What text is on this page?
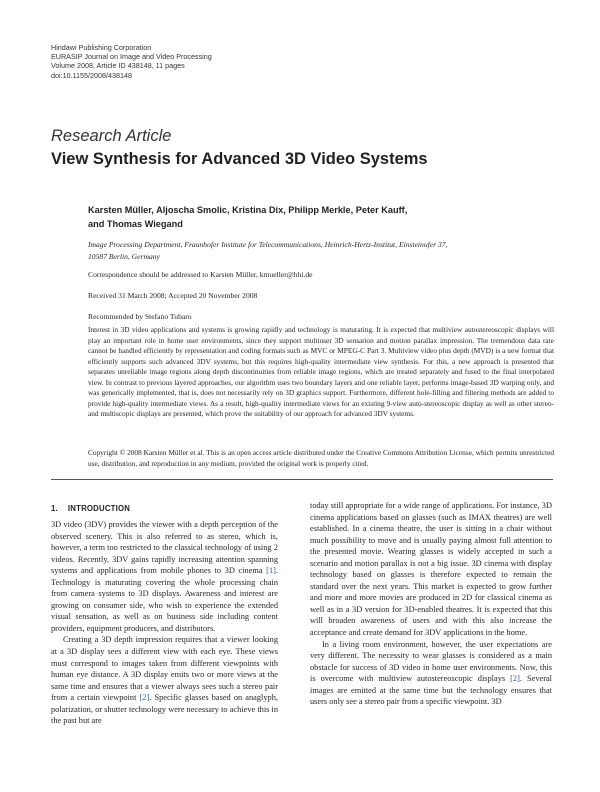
Hindawi Publishing Corporation
EURASIP Journal on Image and Video Processing
Volume 2008, Article ID 438148, 11 pages
doi:10.1155/2008/438148
Research Article
View Synthesis for Advanced 3D Video Systems
Karsten Müller, Aljoscha Smolic, Kristina Dix, Philipp Merkle, Peter Kauff,
and Thomas Wiegand
Image Processing Department, Fraunhofer Institute for Telecommunications, Heinrich-Hertz-Institut, Einsteinufer 37,
10587 Berlin, Germany
Correspondence should be addressed to Karsten Müller, kmueller@hhi.de
Received 31 March 2008; Accepted 20 November 2008
Recommended by Stefano Tubaro
Interest in 3D video applications and systems is growing rapidly and technology is maturating. It is expected that multiview autostereoscopic displays will play an important role in home user environments, since they support multiuser 3D sensation and motion parallax impression. The tremendous data rate cannot be handled efficiently by representation and coding formats such as MVC or MPEG-C Part 3. Multiview video plus depth (MVD) is a new format that efficiently supports such advanced 3DV systems, but this requires high-quality intermediate view synthesis. For this, a new approach is presented that separates unreliable image regions along depth discontinuities from reliable image regions, which are treated separately and fused to the final interpolated view. In contrast to previous layered approaches, our algorithm uses two boundary layers and one reliable layer, performs image-based 3D warping only, and was generically implemented, that is, does not necessarily rely on 3D graphics support. Furthermore, different hole-filling and filtering methods are added to provide high-quality intermediate views. As a result, high-quality intermediate views for an existing 9-view auto-stereoscopic display as well as other stereo- and multiscopic displays are presented, which prove the suitability of our approach for advanced 3DV systems.
Copyright © 2008 Karsten Müller et al. This is an open access article distributed under the Creative Commons Attribution License, which permits unrestricted use, distribution, and reproduction in any medium, provided the original work is properly cited.
1. INTRODUCTION

3D video (3DV) provides the viewer with a depth perception of the observed scenery. This is also referred to as stereo, which is, however, a term too restricted to the classical technology of using 2 videos. Recently, 3DV gains rapidly increasing attention spanning systems and applications from mobile phones to 3D cinema [1]. Technology is maturating covering the whole processing chain from camera systems to 3D displays. Awareness and interest are growing on consumer side, who wish to experience the extended visual sensation, as well as on business side including content providers, equipment producers, and distributors.

Creating a 3D depth impression requires that a viewer looking at a 3D display sees a different view with each eye. These views must correspond to images taken from different viewpoints with human eye distance. A 3D display emits two or more views at the same time and ensures that a viewer always sees such a stereo pair from a certain viewpoint [2]. Specific glasses based on anaglyph, polarization, or shutter technology were necessary to achieve this in the past but are

today still appropriate for a wide range of applications. For instance, 3D cinema applications based on glasses (such as IMAX theatres) are well established. In a cinema theatre, the user is sitting in a chair without much possibility to move and is usually paying almost full attention to the presented movie. Wearing glasses is widely accepted in such a scenario and motion parallax is not a big issue. 3D cinema with display technology based on glasses is therefore expected to remain the standard over the next years. This market is expected to grow further and more and more movies are produced in 2D for classical cinema as well as in a 3D version for 3D-enabled theatres. It is expected that this will broaden awareness of users and with this also increase the acceptance and create demand for 3DV applications in the home.

In a living room environment, however, the user expectations are very different. The necessity to wear glasses is considered as a main obstacle for success of 3D video in home user environments. Now, this is overcome with multiview autostereoscopic displays [2]. Several images are emitted at the same time but the technology ensures that users only see a stereo pair from a specific viewpoint. 3D
